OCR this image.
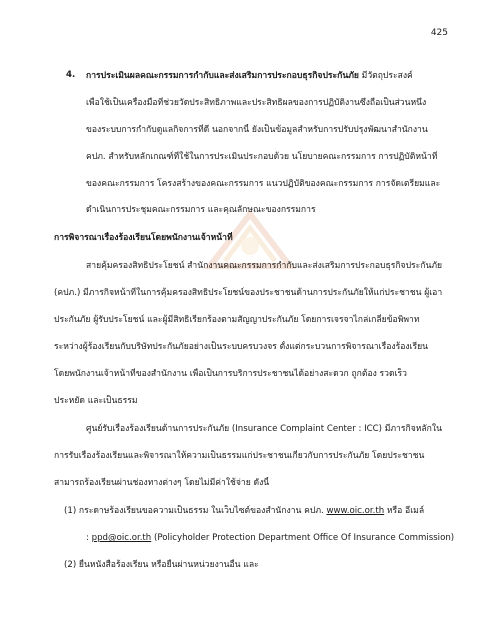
425
4. การประเมินผลคณะกรรมการกำกับและส่งเสริมการประกอบธุรกิจประกันภัย มีวัตถุประสงค์
เพื่อใช้เป็นเครื่องมือที่ช่วยวัดประสิทธิภาพและประสิทธิผลของการปฏิบัติงานซึ่งถือเป็นส่วนหนึ่ง
ของระบบการกำกับดูแลกิจการที่ดี นอกจากนี้ ยังเป็นข้อมูลสำหรับการปรับปรุงพัฒนาสำนักงาน
คปภ. สำหรับหลักเกณฑ์ที่ใช้ในการประเมินประกอบด้วย นโยบายคณะกรรมการ การปฏิบัติหน้าที่
ของคณะกรรมการ โครงสร้างของคณะกรรมการ แนวปฏิบัติของคณะกรรมการ การจัดเตรียมและ
ดำเนินการประชุมคณะกรรมการ และคุณลักษณะของกรรมการ
การพิจารณาเรื่องร้องเรียนโดยพนักงานเจ้าหน้าที่
สายคุ้มครองสิทธิประโยชน์ สำนักงานคณะกรรมการกำกับและส่งเสริมการประกอบธุรกิจประกันภัย
(คปภ.) มีภารกิจหน้าที่ในการคุ้มครองสิทธิประโยชน์ของประชาชนด้านการประกันภัยให้แก่ประชาชน ผู้เอา
ประกันภัย ผู้รับประโยชน์ และผู้มีสิทธิเรียกร้องตามสัญญาประกันภัย โดยการเจรจาไกล่เกลี่ยข้อพิพาท
ระหว่างผู้ร้องเรียนกับบริษัทประกันภัยอย่างเป็นระบบครบวงจร ตั้งแต่กระบวนการพิจารณาเรื่องร้องเรียน
โดยพนักงานเจ้าหน้าที่ของสำนักงาน เพื่อเป็นการบริการประชาชนได้อย่างสะดวก ถูกต้อง รวดเร็ว
ประหยัด และเป็นธรรม
ศูนย์รับเรื่องร้องเรียนด้านการประกันภัย (Insurance Complaint Center : ICC) มีภารกิจหลักใน
การรับเรื่องร้องเรียนและพิจารณาให้ความเป็นธรรมแก่ประชาชนเกี่ยวกับการประกันภัย โดยประชาชน
สามารถร้องเรียนผ่านช่องทางต่างๆ โดยไม่มีค่าใช้จ่าย ดังนี้
(1) กระดาษร้องเรียนขอความเป็นธรรม ในเว็บไซต์ของสำนักงาน คปภ. www.oic.or.th หรือ อีเมล์
: ppd@oic.or.th (Policyholder Protection Department Office Of Insurance Commission)
(2) ยื่นหนังสือร้องเรียน หรือยื่นผ่านหน่วยงานอื่น และ
